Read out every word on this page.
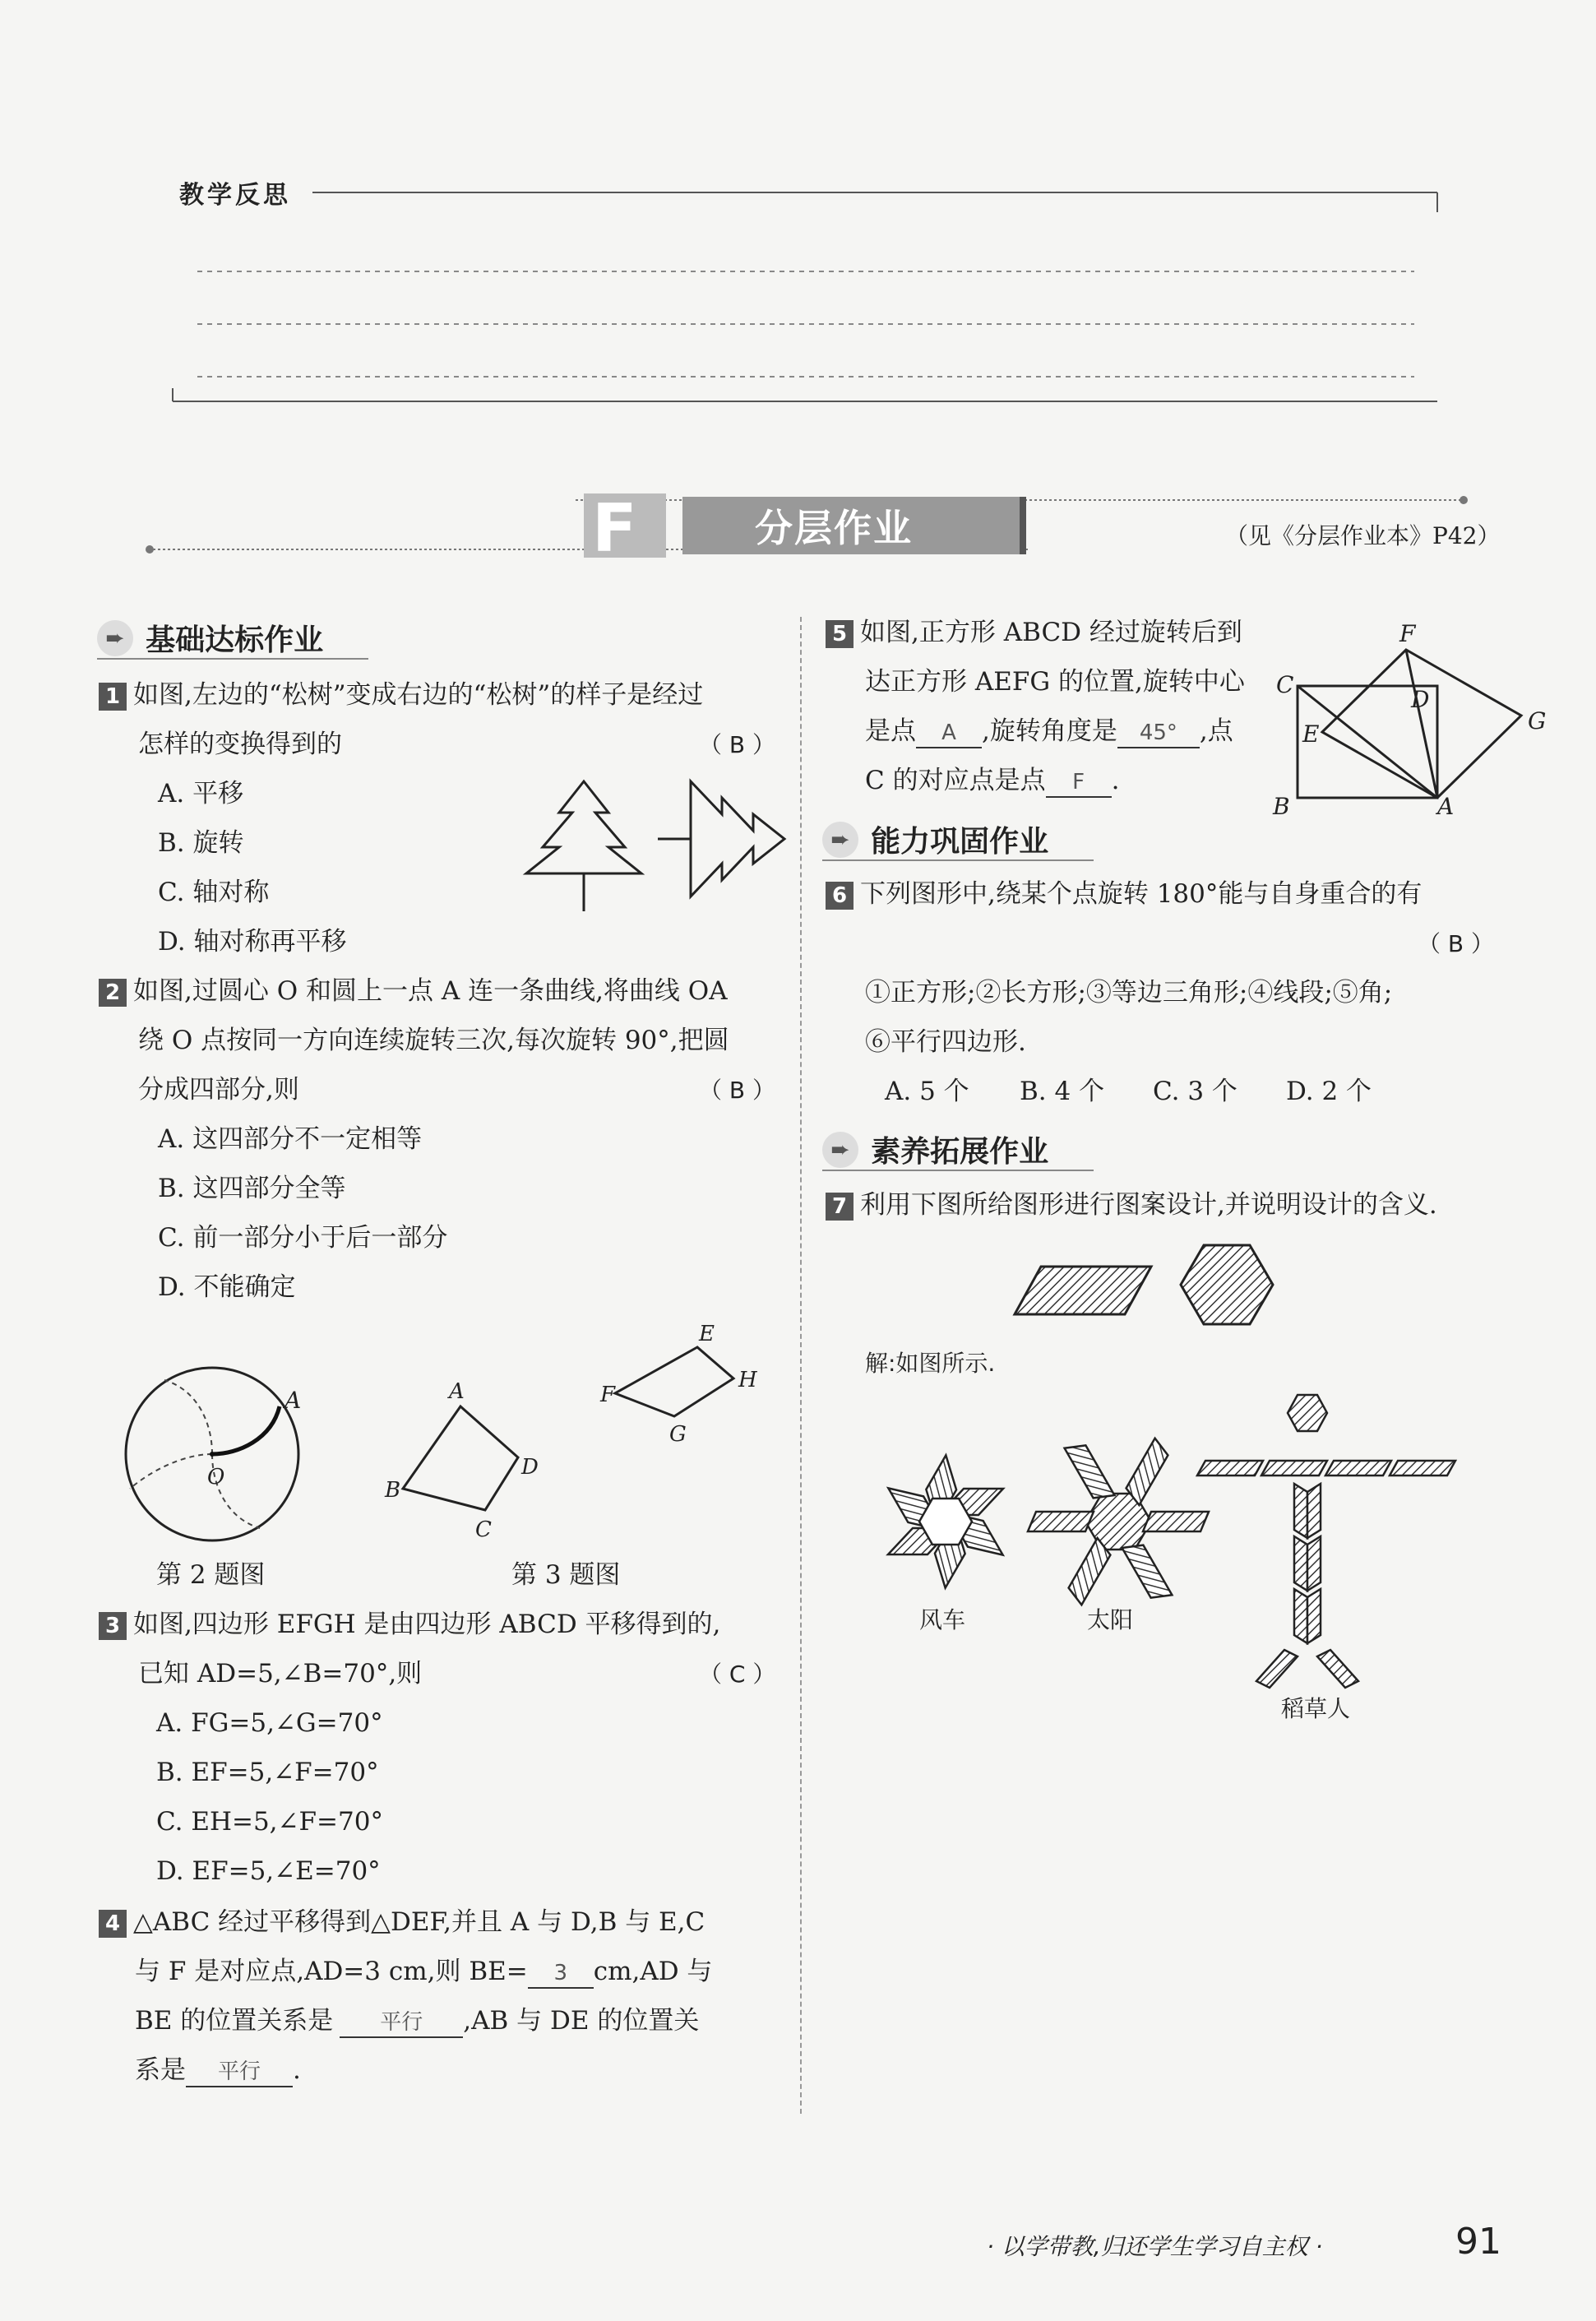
教学反思
F	分层作业	（见《分层作业本》P42）
➨ 基础达标作业
1 如图,左边的“松树”变成右边的“松树”的样子是经过
怎样的变换得到的	（ B ）
A. 平移
B. 旋转
C. 轴对称
D. 轴对称再平移
2 如图,过圆心 O 和圆上一点 A 连一条曲线,将曲线 OA
绕 O 点按同一方向连续旋转三次,每次旋转 90°,把圆
分成四部分,则	（ B ）
A. 这四部分不一定相等
B. 这四部分全等
C. 前一部分小于后一部分
D. 不能确定
A
O
第 2 题图
A
B
C
D
E
F
G
H
第 3 题图
3 如图,四边形 EFGH 是由四边形 ABCD 平移得到的,
已知 AD=5,∠B=70°,则	（ C ）
A. FG=5,∠G=70°
B. EF=5,∠F=70°
C. EH=5,∠F=70°
D. EF=5,∠E=70°
4 △ABC 经过平移得到△DEF,并且 A 与 D,B 与 E,C
与 F 是对应点,AD=3 cm,则 BE= 3 cm,AD 与
BE 的位置关系是 平行 ,AB 与 DE 的位置关
系是 平行 .
5 如图,正方形 ABCD 经过旋转后到
达正方形 AEFG 的位置,旋转中心
是点 A ,旋转角度是 45° ,点
C 的对应点是点 F .
F
C
D
E	G
B	A
➨ 能力巩固作业
6 下列图形中,绕某个点旋转 180°能与自身重合的有
（ B ）
①正方形;②长方形;③等边三角形;④线段;⑤角;
⑥平行四边形.
A. 5 个 B. 4 个 C. 3 个 D. 2 个
➨ 素养拓展作业
7 利用下图所给图形进行图案设计,并说明设计的含义.
解:如图所示.
风车	太阳
稻草人
· 以学带教,归还学生学习自主权 ·	91
